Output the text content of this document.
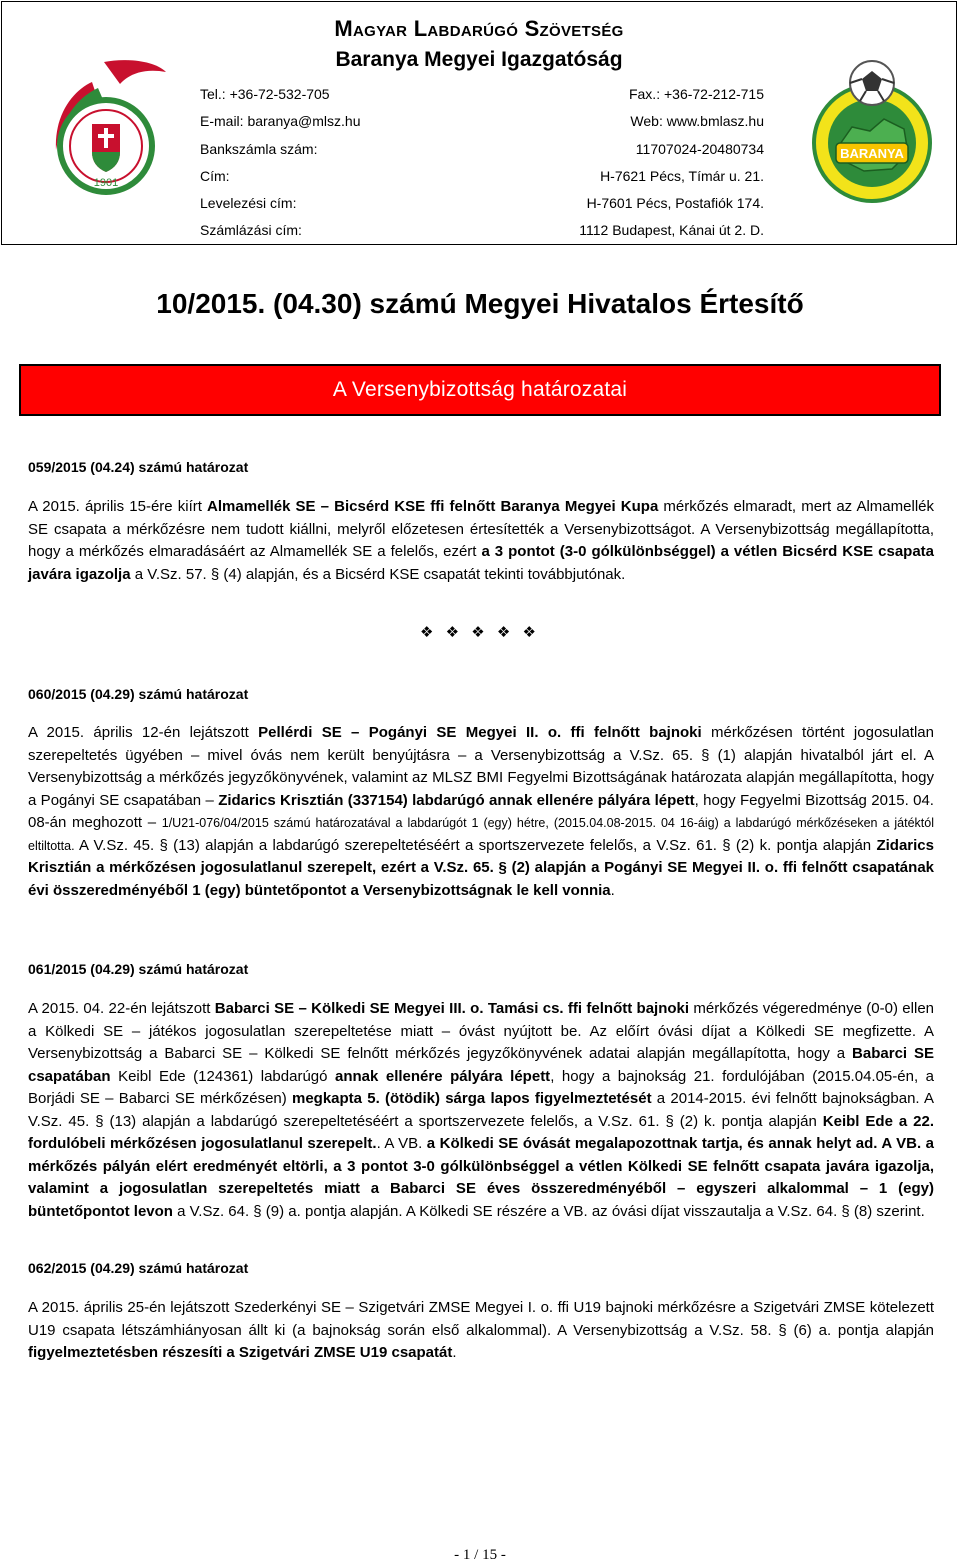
Magyar Labdarúgó Szövetség
Baranya Megyei Igazgatóság
Tel.: +36-72-532-705	Fax.: +36-72-212-715
E-mail: baranya@mlsz.hu	Web: www.bmlasz.hu
Bankszámla szám:	11707024-20480734
Cím:	H-7621 Pécs, Tímár u. 21.
Levelezési cím:	H-7601 Pécs, Postafiók 174.
Számlázási cím:	1112 Budapest, Kánai út 2. D.
1901
BARANYA
10/2015. (04.30) számú Megyei Hivatalos Értesítő
A Versenybizottság határozatai
059/2015 (04.24) számú határozat
A 2015. április 15-ére kiírt Almamellék SE – Bicsérd KSE ffi felnőtt Baranya Megyei Kupa mérkőzés elmaradt, mert az Almamellék SE csapata a mérkőzésre nem tudott kiállni, melyről előzetesen értesítették a Versenybizottságot. A Versenybizottság megállapította, hogy a mérkőzés elmaradásáért az Almamellék SE a felelős, ezért a 3 pontot (3-0 gólkülönbséggel) a vétlen Bicsérd KSE csapata javára igazolja a V.Sz. 57. § (4) alapján, és a Bicsérd KSE csapatát tekinti továbbjutónak.
❖ ❖ ❖ ❖ ❖
060/2015 (04.29) számú határozat
A 2015. április 12-én lejátszott Pellérdi SE – Pogányi SE Megyei II. o. ffi felnőtt bajnoki mérkőzésen történt jogosulatlan szerepeltetés ügyében – mivel óvás nem került benyújtásra – a Versenybizottság a V.Sz. 65. § (1) alapján hivatalból járt el. A Versenybizottság a mérkőzés jegyzőkönyvének, valamint az MLSZ BMI Fegyelmi Bizottságának határozata alapján megállapította, hogy a Pogányi SE csapatában – Zidarics Krisztián (337154) labdarúgó annak ellenére pályára lépett, hogy Fegyelmi Bizottság 2015. 04. 08-án meghozott – 1/U21-076/04/2015 számú határozatával a labdarúgót 1 (egy) hétre, (2015.04.08-2015. 04 16-áig) a labdarúgó mérkőzéseken a játéktól eltiltotta. A V.Sz. 45. § (13) alapján a labdarúgó szerepeltetéséért a sportszervezete felelős, a V.Sz. 61. § (2) k. pontja alapján Zidarics Krisztián a mérkőzésen jogosulatlanul szerepelt, ezért a V.Sz. 65. § (2) alapján a Pogányi SE Megyei II. o. ffi felnőtt csapatának évi összeredményéből 1 (egy) büntetőpontot a Versenybizottságnak le kell vonnia.
061/2015 (04.29) számú határozat
A 2015. 04. 22-én lejátszott Babarci SE – Kölkedi SE Megyei III. o. Tamási cs. ffi felnőtt bajnoki mérkőzés végeredménye (0-0) ellen a Kölkedi SE – játékos jogosulatlan szerepeltetése miatt – óvást nyújtott be. Az előírt óvási díjat a Kölkedi SE megfizette. A Versenybizottság a Babarci SE – Kölkedi SE felnőtt mérkőzés jegyzőkönyvének adatai alapján megállapította, hogy a Babarci SE csapatában Keibl Ede (124361) labdarúgó annak ellenére pályára lépett, hogy a bajnokság 21. fordulójában (2015.04.05-én, a Borjádi SE – Babarci SE mérkőzésen) megkapta 5. (ötödik) sárga lapos figyelmeztetését a 2014-2015. évi felnőtt bajnokságban. A V.Sz. 45. § (13) alapján a labdarúgó szerepeltetéséért a sportszervezete felelős, a V.Sz. 61. § (2) k. pontja alapján Keibl Ede a 22. fordulóbeli mérkőzésen jogosulatlanul szerepelt.. A VB. a Kölkedi SE óvását megalapozottnak tartja, és annak helyt ad. A VB. a mérkőzés pályán elért eredményét eltörli, a 3 pontot 3-0 gólkülönbséggel a vétlen Kölkedi SE felnőtt csapata javára igazolja, valamint a jogosulatlan szerepeltetés miatt a Babarci SE éves összeredményéből – egyszeri alkalommal – 1 (egy) büntetőpontot levon a V.Sz. 64. § (9) a. pontja alapján. A Kölkedi SE részére a VB. az óvási díjat visszautalja a V.Sz. 64. § (8) szerint.
062/2015 (04.29) számú határozat
A 2015. április 25-én lejátszott Szederkényi SE – Szigetvári ZMSE Megyei I. o. ffi U19 bajnoki mérkőzésre a Szigetvári ZMSE kötelezett U19 csapata létszámhiányosan állt ki (a bajnokság során első alkalommal). A Versenybizottság a V.Sz. 58. § (6) a. pontja alapján figyelmeztetésben részesíti a Szigetvári ZMSE U19 csapatát.
- 1 / 15 -
